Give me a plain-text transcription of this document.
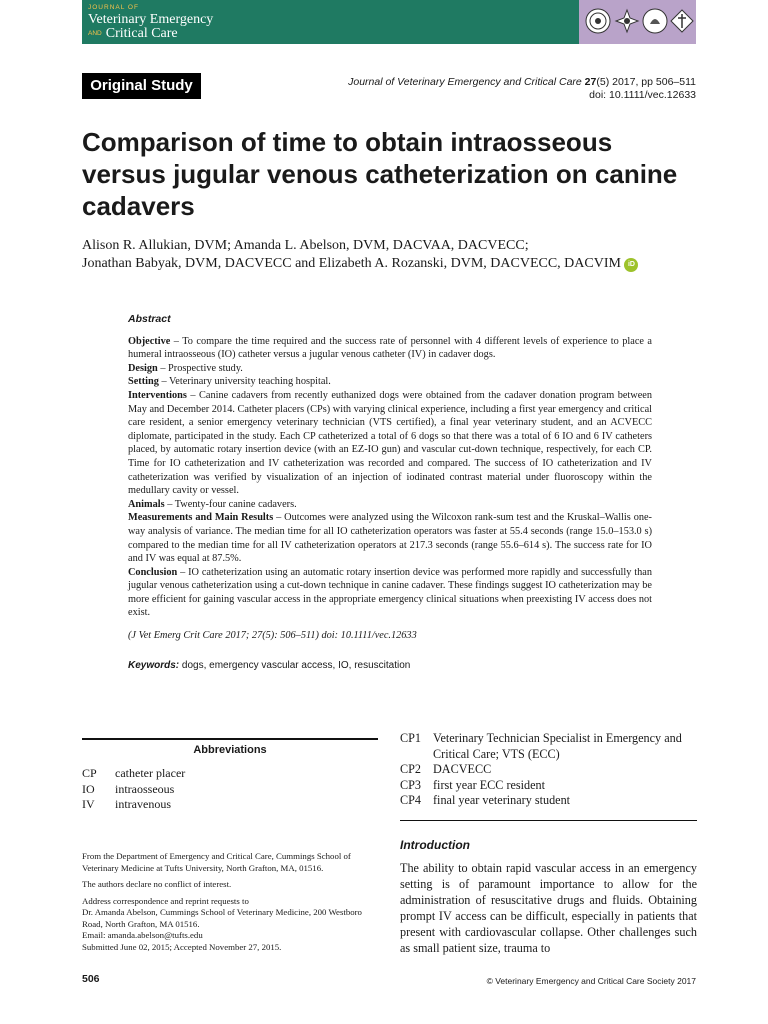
JOURNAL OF
Veterinary Emergency
AND Critical Care
Original Study	Journal of Veterinary Emergency and Critical Care 27(5) 2017, pp 506–511
doi: 10.1111/vec.12633
Comparison of time to obtain intraosseous versus jugular venous catheterization on canine cadavers
Alison R. Allukian, DVM; Amanda L. Abelson, DVM, DACVAA, DACVECC;
Jonathan Babyak, DVM, DACVECC and Elizabeth A. Rozanski, DVM, DACVECC, DACVIM iD
Abstract

Objective – To compare the time required and the success rate of personnel with 4 different levels of experience to place a humeral intraosseous (IO) catheter versus a jugular venous catheter (IV) in cadaver dogs.

Design – Prospective study.

Setting – Veterinary university teaching hospital.

Interventions – Canine cadavers from recently euthanized dogs were obtained from the cadaver donation program between May and December 2014. Catheter placers (CPs) with varying clinical experience, including a first year emergency and critical care resident, a senior emergency veterinary technician (VTS certified), a final year veterinary student, and an ACVECC diplomate, participated in the study. Each CP catheterized a total of 6 dogs so that there was a total of 6 IO and 6 IV catheters placed, by automatic rotary insertion device (with an EZ-IO gun) and vascular cut-down technique, respectively, for each CP. Time for IO catheterization and IV catheterization was recorded and compared. The success of IO catheterization and IV catheterization was verified by visualization of an injection of iodinated contrast material under fluoroscopy within the medullary cavity or vessel.

Animals – Twenty-four canine cadavers.

Measurements and Main Results – Outcomes were analyzed using the Wilcoxon rank-sum test and the Kruskal–Wallis one-way analysis of variance. The median time for all IO catheterization operators was faster at 55.4 seconds (range 15.0–153.0 s) compared to the median time for all IV catheterization operators at 217.3 seconds (range 55.6–614 s). The success rate for IO and IV was equal at 87.5%.

Conclusion – IO catheterization using an automatic rotary insertion device was performed more rapidly and successfully than jugular venous catheterization using a cut-down technique in canine cadaver. These findings suggest IO catheterization may be more efficient for gaining vascular access in the appropriate emergency clinical situations when preexisting IV access does not exist.

(J Vet Emerg Crit Care 2017; 27(5): 506–511) doi: 10.1111/vec.12633

Keywords: dogs, emergency vascular access, IO, resuscitation

Abbreviations
CP	catheter placer
IO	intraosseous
IV	intravenous

From the Department of Emergency and Critical Care, Cummings School of Veterinary Medicine at Tufts University, North Grafton, MA, 01516.

The authors declare no conflict of interest.

Address correspondence and reprint requests to

Dr. Amanda Abelson, Cummings School of Veterinary Medicine, 200 Westboro Road, North Grafton, MA 01516.

Email: amanda.abelson@tufts.edu

Submitted June 02, 2015; Accepted November 27, 2015.

CP1 Veterinary Technician Specialist in Emergency and Critical Care; VTS (ECC)
CP2 DACVECC
CP3 first year ECC resident
CP4 final year veterinary student
Introduction
The ability to obtain rapid vascular access in an emergency setting is of paramount importance to allow for the administration of resuscitative drugs and fluids. Obtaining prompt IV access can be difficult, especially in patients that present with cardiovascular collapse. Other challenges such as small patient size, trauma to
506	© Veterinary Emergency and Critical Care Society 2017
